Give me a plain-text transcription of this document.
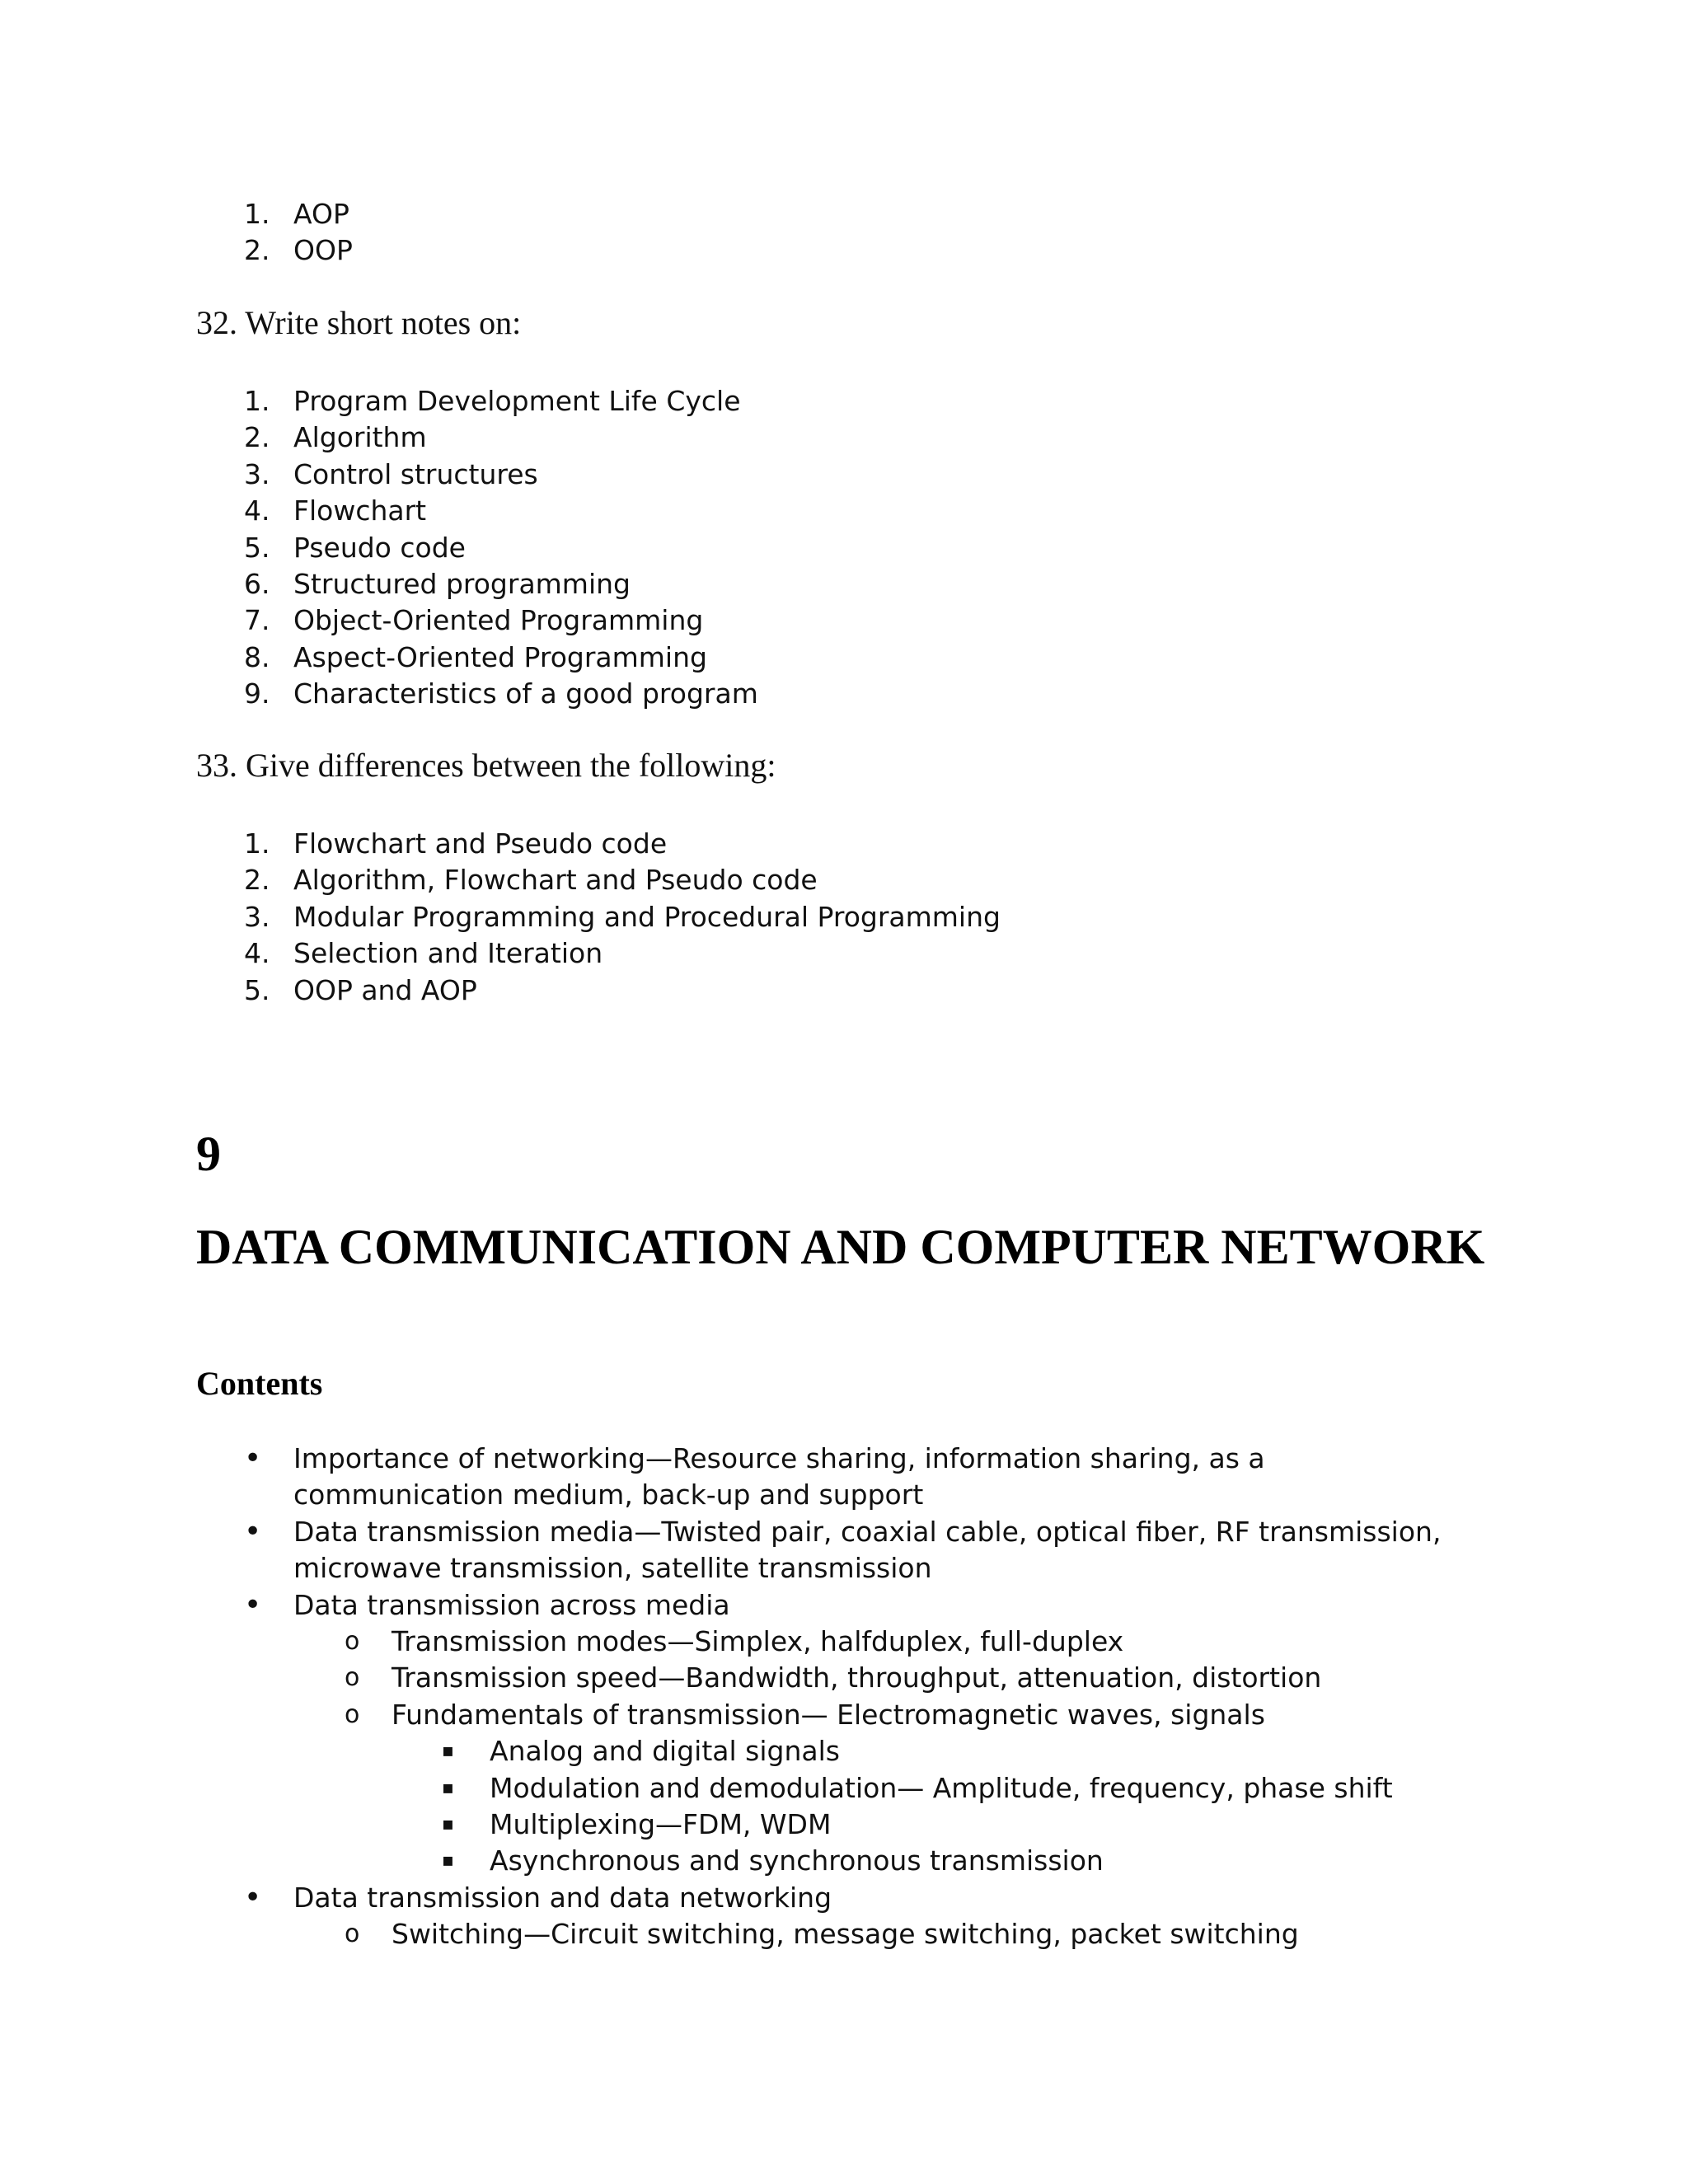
1. AOP
2. OOP
32. Write short notes on:
1. Program Development Life Cycle
2. Algorithm
3. Control structures
4. Flowchart
5. Pseudo code
6. Structured programming
7. Object-Oriented Programming
8. Aspect-Oriented Programming
9. Characteristics of a good program
33. Give differences between the following:
1. Flowchart and Pseudo code
2. Algorithm, Flowchart and Pseudo code
3. Modular Programming and Procedural Programming
4. Selection and Iteration
5. OOP and AOP
9
DATA COMMUNICATION AND COMPUTER NETWORK
Contents
• Importance of networking—Resource sharing, information sharing, as a communication medium, back-up and support
• Data transmission media—Twisted pair, coaxial cable, optical fiber, RF transmission, microwave transmission, satellite transmission
• Data transmission across media
o Transmission modes—Simplex, halfduplex, full-duplex
o Transmission speed—Bandwidth, throughput, attenuation, distortion
o Fundamentals of transmission— Electromagnetic waves, signals
▪ Analog and digital signals
▪ Modulation and demodulation— Amplitude, frequency, phase shift
▪ Multiplexing—FDM, WDM
▪ Asynchronous and synchronous transmission
• Data transmission and data networking
o Switching—Circuit switching, message switching, packet switching
